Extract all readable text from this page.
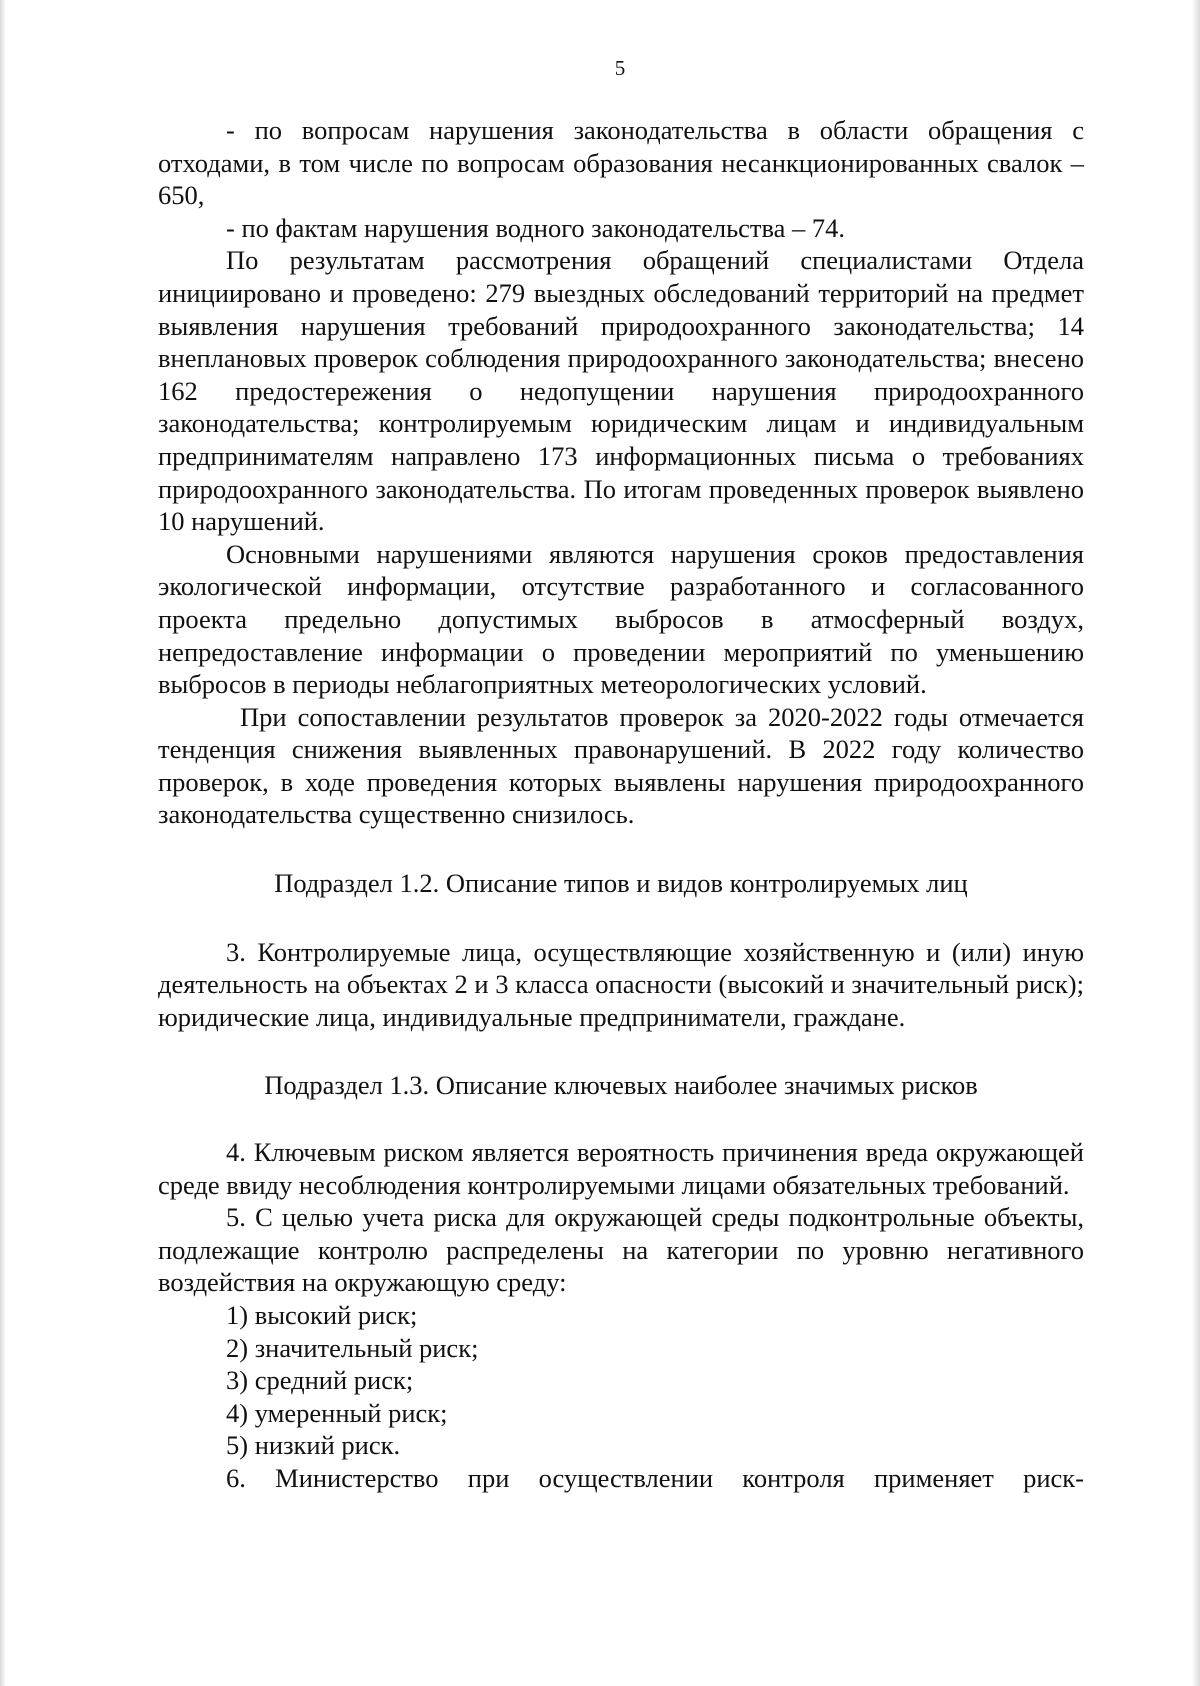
5

- по вопросам нарушения законодательства в области обращения с отходами, в том числе по вопросам образования несанкционированных свалок – 650,

- по фактам нарушения водного законодательства – 74.

По результатам рассмотрения обращений специалистами Отдела инициировано и проведено: 279 выездных обследований территорий на предмет выявления нарушения требований природоохранного законодательства; 14 внеплановых проверок соблюдения природоохранного законодательства; внесено 162 предостережения о недопущении нарушения природоохранного законодательства; контролируемым юридическим лицам и индивидуальным предпринимателям направлено 173 информационных письма о требованиях природоохранного законодательства. По итогам проведенных проверок выявлено 10 нарушений.

Основными нарушениями являются нарушения сроков предоставления экологической информации, отсутствие разработанного и согласованного проекта предельно допустимых выбросов в атмосферный воздух, непредоставление информации о проведении мероприятий по уменьшению выбросов в периоды неблагоприятных метеорологических условий.

При сопоставлении результатов проверок за 2020-2022 годы отмечается тенденция снижения выявленных правонарушений. В 2022 году количество проверок, в ходе проведения которых выявлены нарушения природоохранного законодательства существенно снизилось.

Подраздел 1.2. Описание типов и видов контролируемых лиц

3. Контролируемые лица, осуществляющие хозяйственную и (или) иную деятельность на объектах 2 и 3 класса опасности (высокий и значительный риск); юридические лица, индивидуальные предприниматели, граждане.

Подраздел 1.3. Описание ключевых наиболее значимых рисков

4. Ключевым риском является вероятность причинения вреда окружающей среде ввиду несоблюдения контролируемыми лицами обязательных требований.

5. С целью учета риска для окружающей среды подконтрольные объекты, подлежащие контролю распределены на категории по уровню негативного воздействия на окружающую среду:

1) высокий риск;

2) значительный риск;

3) средний риск;

4) умеренный риск;

5) низкий риск.

6. Министерство при осуществлении контроля применяет риск-
